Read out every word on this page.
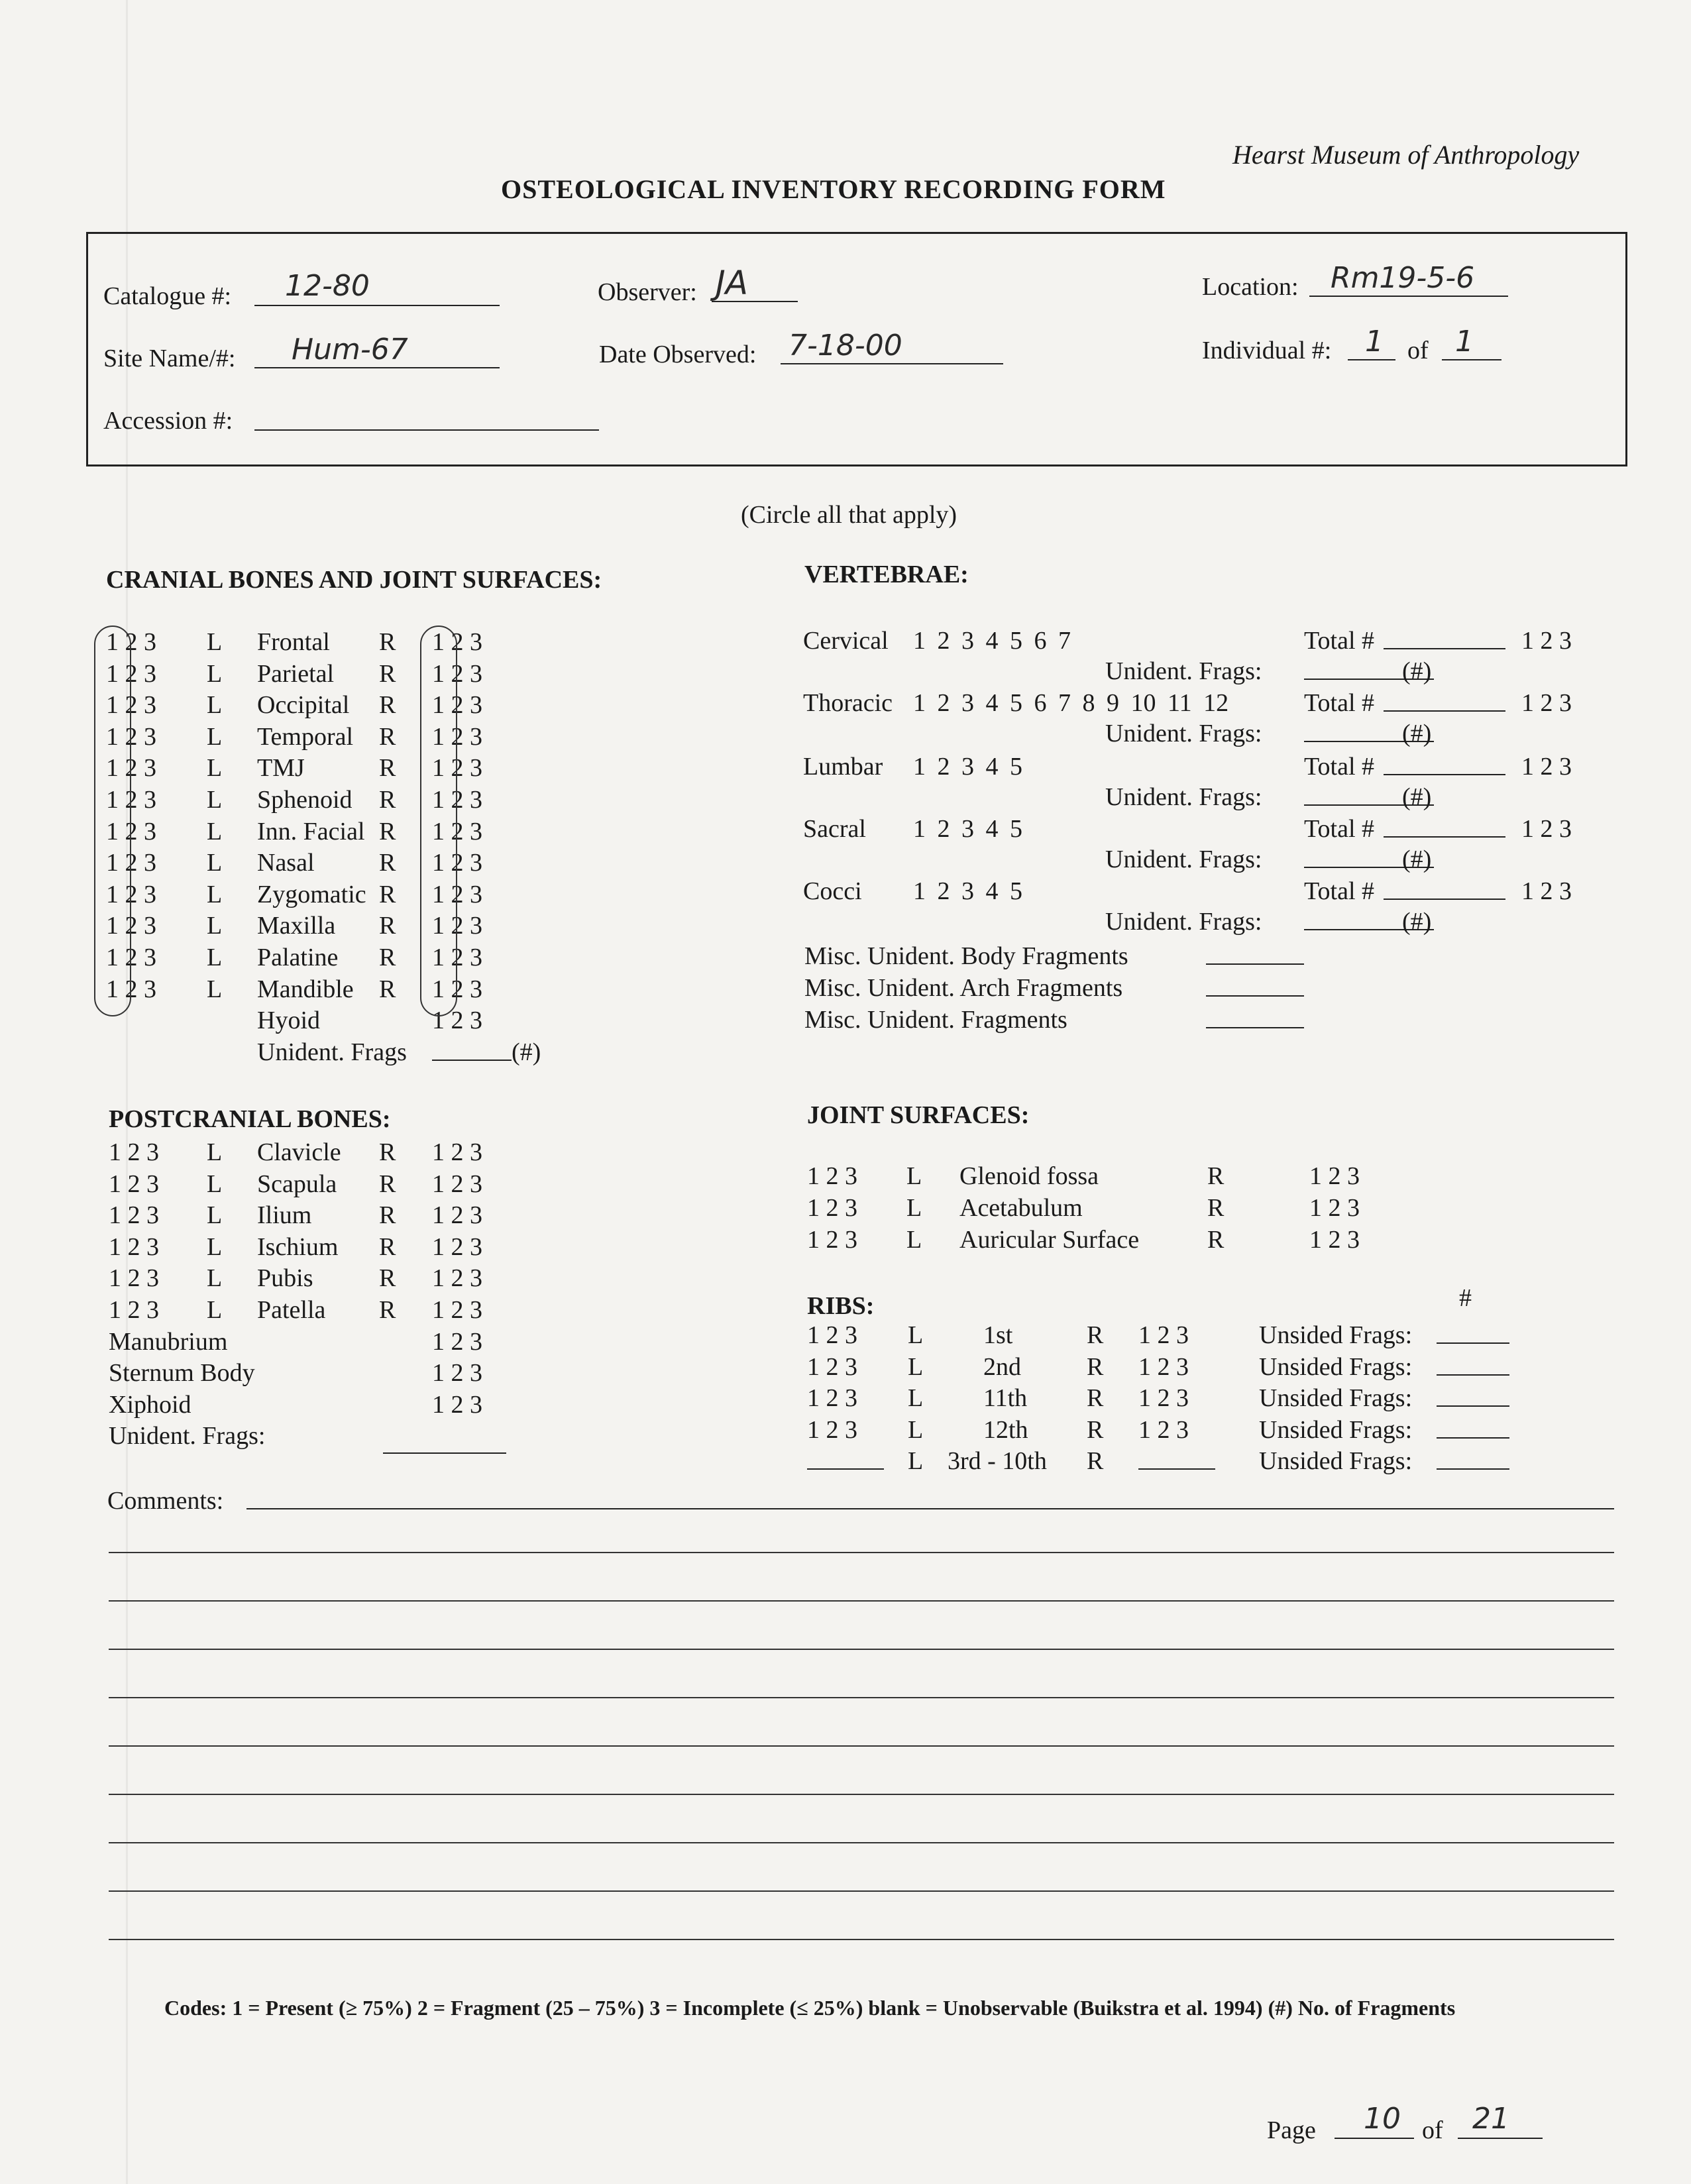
Hearst Museum of Anthropology
OSTEOLOGICAL INVENTORY RECORDING FORM
Catalogue #: 12-80	Observer: JA	Location: Rm19-5-6
Site Name/#: Hum-67	Date Observed: 7-18-00	Individual #: 1 of 1
Accession #:
(Circle all that apply)
CRANIAL BONES AND JOINT SURFACES:
1 2 3 L Frontal R 1 2 3
1 2 3 L Parietal R 1 2 3
1 2 3 L Occipital R 1 2 3
1 2 3 L Temporal R 1 2 3
1 2 3 L TMJ	R 1 2 3
1 2 3 L Sphenoid R 1 2 3
1 2 3 L Inn. Facial R 1 2 3
1 2 3 L Nasal	R 1 2 3
1 2 3 L Zygomatic R 1 2 3
1 2 3 L Maxilla R 1 2 3
1 2 3 L Palatine R 1 2 3
1 2 3 L Mandible R 1 2 3
Hyoid	1 2 3
Unident. Frags	(#)
VERTEBRAE:
Cervical 1 2 3 4 5 6 7	Total #	1 2 3
Unident. Frags:	(#)
Thoracic 1 2 3 4 5 6 7 8 9 10 11 12	Total #	1 2 3
Unident. Frags:	(#)
Lumbar 1 2 3 4 5	Total #	1 2 3
Unident. Frags:	(#)
Sacral 1 2 3 4 5	Total #	1 2 3
Unident. Frags:	(#)
Cocci 1 2 3 4 5	Total #	1 2 3
Unident. Frags:	(#)
Misc. Unident. Body Fragments
Misc. Unident. Arch Fragments
Misc. Unident. Fragments
POSTCRANIAL BONES:
1 2 3 L Clavicle R 1 2 3
1 2 3 L Scapula R 1 2 3
1 2 3 L Ilium	R 1 2 3
1 2 3 L Ischium R 1 2 3
1 2 3 L Pubis	R 1 2 3
1 2 3 L Patella R 1 2 3
Manubrium	1 2 3
Sternum Body	1 2 3
Xiphoid	1 2 3
Unident. Frags:
JOINT SURFACES:
1 2 3 L Glenoid fossa	R	1 2 3
1 2 3 L Acetabulum	R	1 2 3
1 2 3 L Auricular Surface	R	1 2 3
RIBS:	#
1 2 3 L 1st	R 1 2 3	Unsided Frags:
1 2 3 L 2nd	R 1 2 3	Unsided Frags:
1 2 3 L 11th R 1 2 3	Unsided Frags:
1 2 3 L 12th R 1 2 3	Unsided Frags:
L 3rd - 10th R	Unsided Frags:
Comments:
Codes: 1 = Present (≥ 75%) 2 = Fragment (25 – 75%) 3 = Incomplete (≤ 25%) blank = Unobservable (Buikstra et al. 1994) (#) No. of Fragments
Page 10 of 21
